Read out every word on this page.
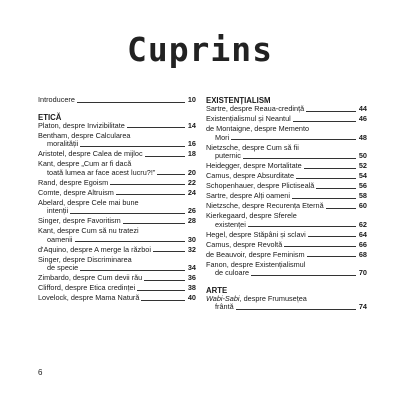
Cuprins
Introducere	10
ETICĂ
Platon, despre Invizibilitate	14
Bentham, despre Calcularea
moralității	16
Aristotel, despre Calea de mijloc	18
Kant, despre „Cum ar fi dacă
toată lumea ar face acest lucru?!”	20
Rand, despre Egoism	22
Comte, despre Altruism	24
Abelard, despre Cele mai bune
intenții	26
Singer, despre Favoritism	28
Kant, despre Cum să nu tratezi
oamenii	30
d'Aquino, despre A merge la război	32
Singer, despre Discriminarea
de specie	34
Zimbardo, despre Cum devii rău	36
Clifford, despre Etica credinței	38
Lovelock, despre Mama Natură	40
EXISTENȚIALISM
Sartre, despre Reaua-credință	44
Existențialismul și Neantul	46
de Montaigne, despre Memento
Mori	48
Nietzsche, despre Cum să fii
puternic	50
Heidegger, despre Mortalitate	52
Camus, despre Absurditate	54
Schopenhauer, despre Plictiseală	56
Sartre, despre Alți oameni	58
Nietzsche, despre Recurența Eternă	60
Kierkegaard, despre Sferele
existenței	62
Hegel, despre Stăpâni și sclavi	64
Camus, despre Revoltă	66
de Beauvoir, despre Feminism	68
Fanon, despre Existențialismul
de culoare	70
ARTE
Wabi-Sabi, despre Frumusețea
frântă	74
6
